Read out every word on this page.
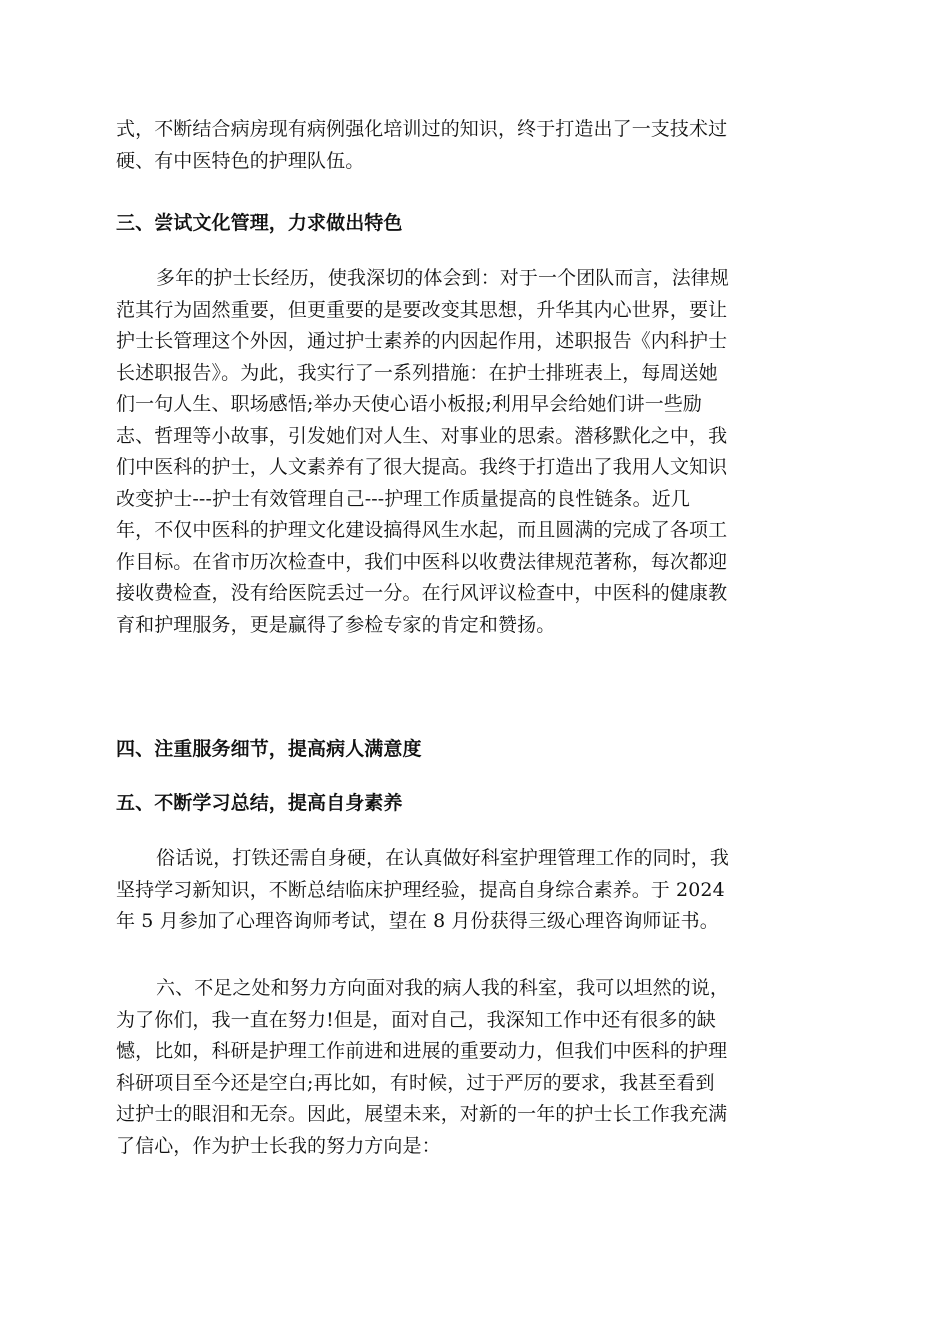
式，不断结合病房现有病例强化培训过的知识，终于打造出了一支技术过

硬、有中医特色的护理队伍。

三、尝试文化管理，力求做出特色

多年的护士长经历，使我深切的体会到：对于一个团队而言，法律规

范其行为固然重要，但更重要的是要改变其思想，升华其内心世界，要让

护士长管理这个外因，通过护士素养的内因起作用，述职报告《内科护士

长述职报告》。为此，我实行了一系列措施：在护士排班表上，每周送她

们一句人生、职场感悟;举办天使心语小板报;利用早会给她们讲一些励

志、哲理等小故事，引发她们对人生、对事业的思索。潜移默化之中，我

们中医科的护士，人文素养有了很大提高。我终于打造出了我用人文知识

改变护士---护士有效管理自己---护理工作质量提高的良性链条。近几

年，不仅中医科的护理文化建设搞得风生水起，而且圆满的完成了各项工

作目标。在省市历次检查中，我们中医科以收费法律规范著称，每次都迎

接收费检查，没有给医院丢过一分。在行风评议检查中，中医科的健康教

育和护理服务，更是赢得了参检专家的肯定和赞扬。

四、注重服务细节，提高病人满意度
五、不断学习总结，提高自身素养

俗话说，打铁还需自身硬，在认真做好科室护理管理工作的同时，我

坚持学习新知识，不断总结临床护理经验，提高自身综合素养。于 2024

年 5 月参加了心理咨询师考试，望在 8 月份获得三级心理咨询师证书。

六、不足之处和努力方向面对我的病人我的科室，我可以坦然的说，

为了你们，我一直在努力!但是，面对自己，我深知工作中还有很多的缺

憾，比如，科研是护理工作前进和进展的重要动力，但我们中医科的护理

科研项目至今还是空白;再比如，有时候，过于严厉的要求，我甚至看到

过护士的眼泪和无奈。因此，展望未来，对新的一年的护士长工作我充满

了信心，作为护士长我的努力方向是：
